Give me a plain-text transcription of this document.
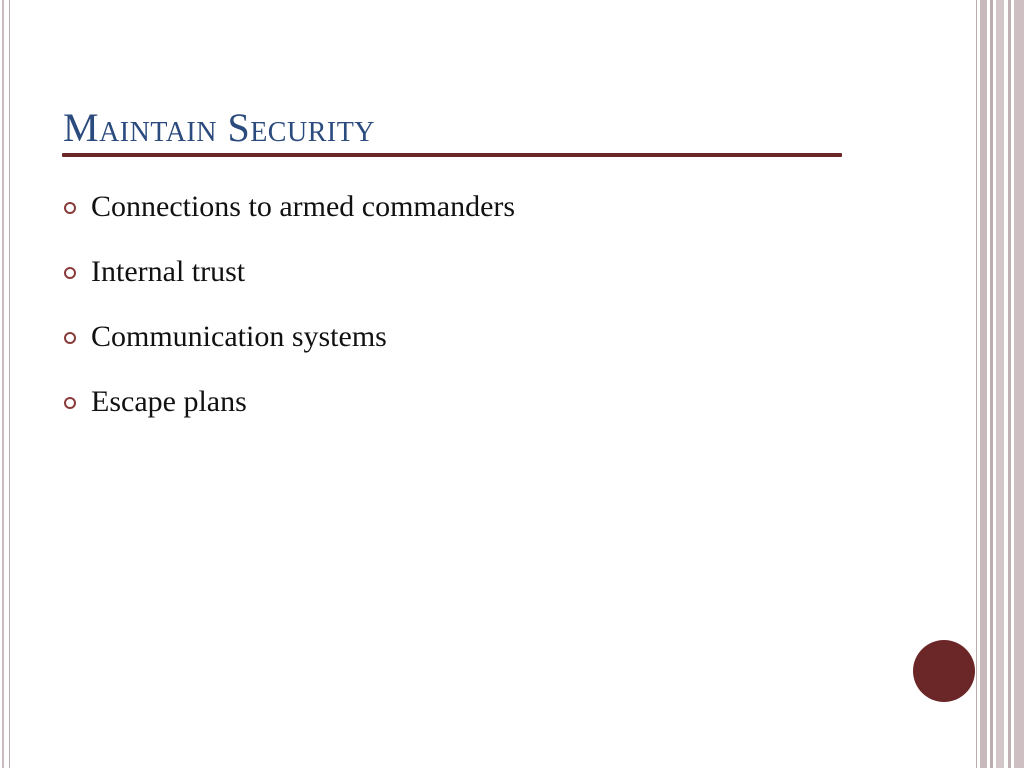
Maintain Security
Connections to armed commanders
Internal trust
Communication systems
Escape plans
